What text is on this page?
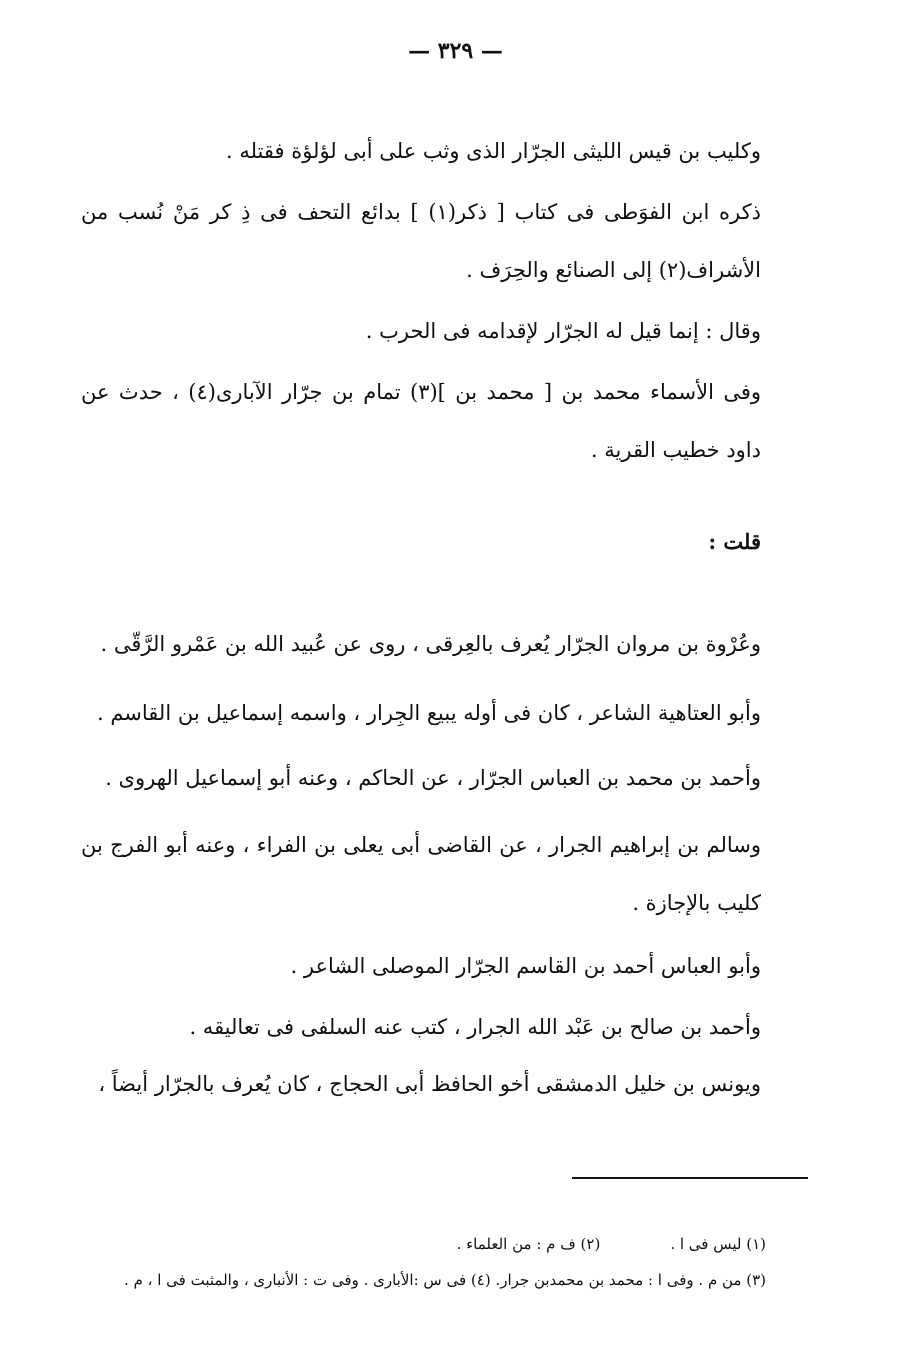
— ٣٢٩ —
وكليب بن قيس الليثى الجرّار الذى وثب على أبى لؤلؤة فقتله .
ذكره ابن الفوَطى فى كتاب [ ذكر(١) ] بدائع التحف فى ذِ كر مَنْ نُسب من الأشراف(٢) إلى الصنائع والحِرَف .
وقال : إنما قيل له الجرّار لإقدامه فى الحرب .
وفى الأسماء محمد بن [ محمد بن ](٣) تمام بن جرّار الآبارى(٤) ، حدث عن داود خطيب القرية .
قلت :
وعُرْوة بن مروان الجرّار يُعرف بالعِرقى ، روى عن عُبيد الله بن عَمْرو الرَّقّى .
وأبو العتاهية الشاعر ، كان فى أوله يبيع الجِرار ، واسمه إسماعيل بن القاسم .
وأحمد بن محمد بن العباس الجرّار ، عن الحاكم ، وعنه أبو إسماعيل الهروى .
وسالم بن إبراهيم الجرار ، عن القاضى أبى يعلى بن الفراء ، وعنه أبو الفرج بن كليب بالإجازة .
وأبو العباس أحمد بن القاسم الجرّار الموصلى الشاعر .
وأحمد بن صالح بن عَبْد الله الجرار ، كتب عنه السلفى فى تعاليقه .
ويونس بن خليل الدمشقى أخو الحافظ أبى الحجاج ، كان يُعرف بالجرّار أيضاً ،
(١) ليس فى ا .(٢) ف م : من العلماء .
(٣) من م . وفى ا : محمد بن محمدبن جرار. (٤) فى س :الأبارى . وفى ت : الأنبارى ، والمثبت فى ا ، م .
